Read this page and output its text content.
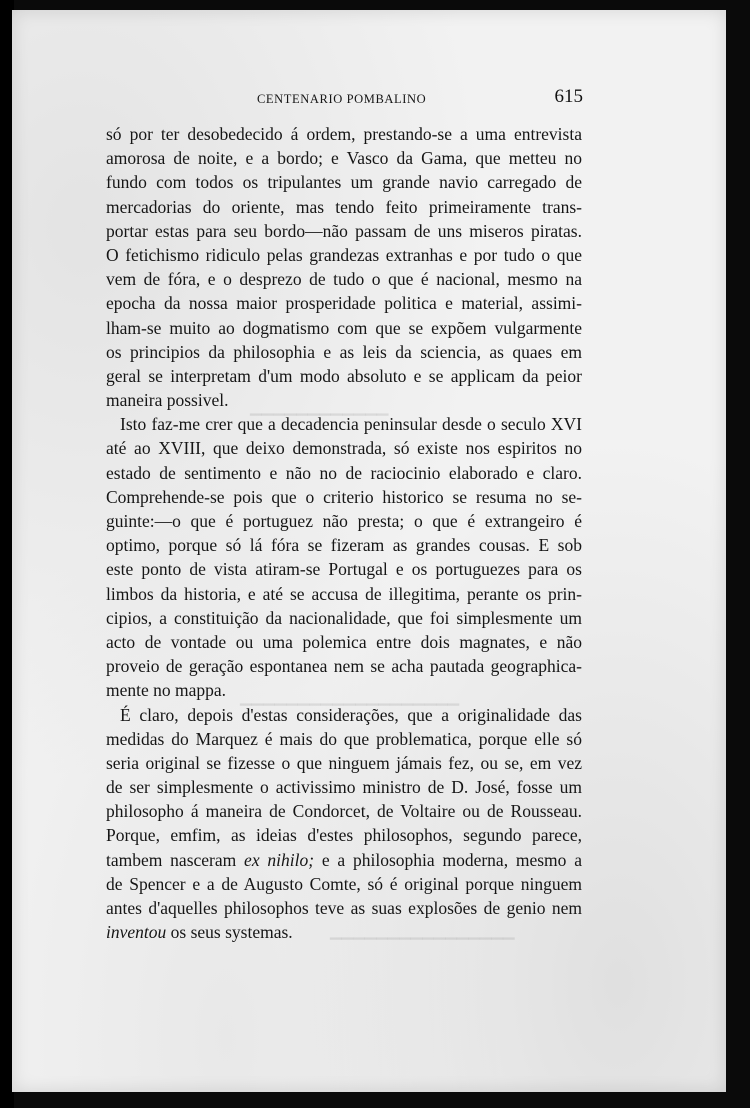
▁▁▁▁▁▁▁▁▁▁▁▁
▁▁▁▁▁▁▁▁▁▁▁▁▁▁▁▁▁▁▁
▁▁▁▁▁▁▁▁▁▁▁▁▁▁▁▁
CENTENARIO POMBALINO	615
só por ter desobedecido á ordem, prestando-se a uma entrevista
amorosa de noite, e a bordo; e Vasco da Gama, que metteu no
fundo com todos os tripulantes um grande navio carregado de
mercadorias do oriente, mas tendo feito primeiramente trans-
portar estas para seu bordo—não passam de uns miseros piratas.
O fetichismo ridiculo pelas grandezas extranhas e por tudo o que
vem de fóra, e o desprezo de tudo o que é nacional, mesmo na
epocha da nossa maior prosperidade politica e material, assimi-
lham-se muito ao dogmatismo com que se expõem vulgarmente
os principios da philosophia e as leis da sciencia, as quaes em
geral se interpretam d'um modo absoluto e se applicam da peior
maneira possivel.
Isto faz-me crer que a decadencia peninsular desde o seculo XVI
até ao XVIII, que deixo demonstrada, só existe nos espiritos no
estado de sentimento e não no de raciocinio elaborado e claro.
Comprehende-se pois que o criterio historico se resuma no se-
guinte:—o que é portuguez não presta; o que é extrangeiro é
optimo, porque só lá fóra se fizeram as grandes cousas. E sob
este ponto de vista atiram-se Portugal e os portuguezes para os
limbos da historia, e até se accusa de illegitima, perante os prin-
cipios, a constituição da nacionalidade, que foi simplesmente um
acto de vontade ou uma polemica entre dois magnates, e não
proveio de geração espontanea nem se acha pautada geographica-
mente no mappa.
É claro, depois d'estas considerações, que a originalidade das
medidas do Marquez é mais do que problematica, porque elle só
seria original se fizesse o que ninguem jámais fez, ou se, em vez
de ser simplesmente o activissimo ministro de D. José, fosse um
philosopho á maneira de Condorcet, de Voltaire ou de Rousseau.
Porque, emfim, as ideias d'estes philosophos, segundo parece,
tambem nasceram ex nihilo; e a philosophia moderna, mesmo a
de Spencer e a de Augusto Comte, só é original porque ninguem
antes d'aquelles philosophos teve as suas explosões de genio nem
inventou os seus systemas.
